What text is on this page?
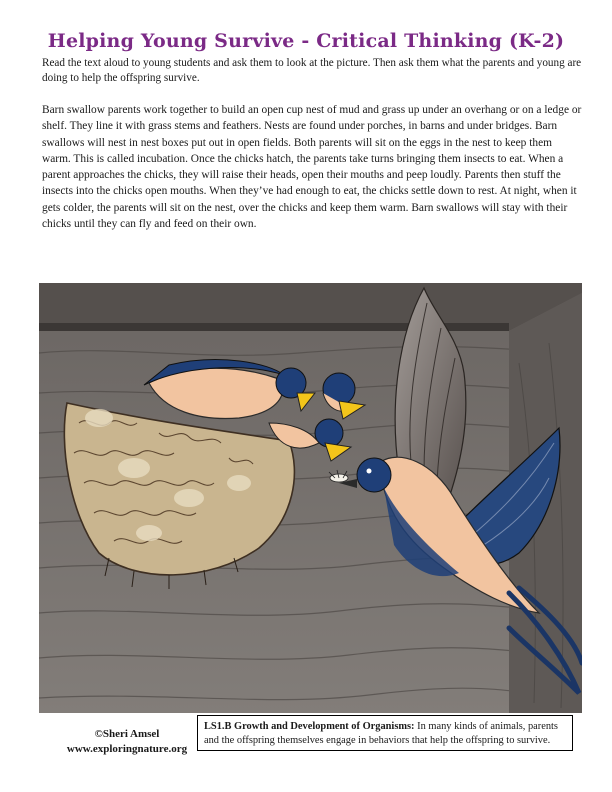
Helping Young Survive - Critical Thinking (K-2)

Read the text aloud to young students and ask them to look at the picture. Then ask them what the parents and young are doing to help the offspring survive.

Barn swallow parents work together to build an open cup nest of mud and grass up under an overhang or on a ledge or shelf. They line it with grass stems and feathers. Nests are found under porches, in barns and under bridges. Barn swallows will nest in nest boxes put out in open fields. Both parents will sit on the eggs in the nest to keep them warm. This is called incubation. Once the chicks hatch, the parents take turns bringing them insects to eat. When a parent approaches the chicks, they will raise their heads, open their mouths and peep loudly. Parents then stuff the insects into the chicks open mouths. When they’ve had enough to eat, the chicks settle down to rest. At night, when it gets colder, the parents will sit on the nest, over the chicks and keep them warm. Barn swallows will stay with their chicks until they can fly and feed on their own.

©Sheri Amsel
www.exploringnature.org
LS1.B Growth and Development of Organisms: In many kinds of animals, parents and the offspring themselves engage in behaviors that help the offspring to survive.
